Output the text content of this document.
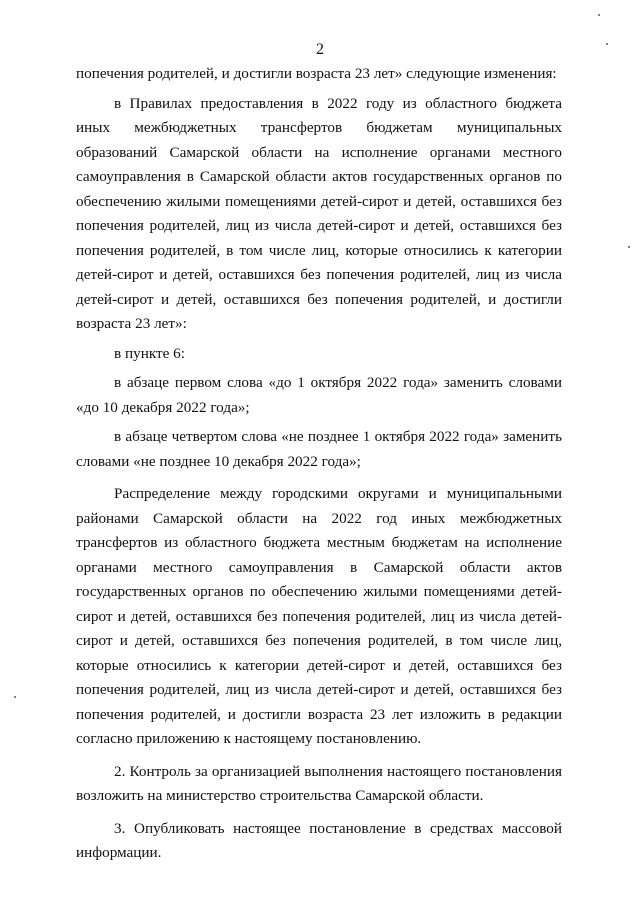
2

попечения родителей, и достигли возраста 23 лет» следующие изменения:

в Правилах предоставления в 2022 году из областного бюджета иных межбюджетных трансфертов бюджетам муниципальных образований Самарской области на исполнение органами местного самоуправления в Самарской области актов государственных органов по обеспечению жилыми помещениями детей-сирот и детей, оставшихся без попечения родителей, лиц из числа детей-сирот и детей, оставшихся без попечения родителей, в том числе лиц, которые относились к категории детей-сирот и детей, оставшихся без попечения родителей, лиц из числа детей-сирот и детей, оставшихся без попечения родителей, и достигли возраста 23 лет»:

в пункте 6:

в абзаце первом слова «до 1 октября 2022 года» заменить словами «до 10 декабря 2022 года»;

в абзаце четвертом слова «не позднее 1 октября 2022 года» заменить словами «не позднее 10 декабря 2022 года»;

Распределение между городскими округами и муниципальными районами Самарской области на 2022 год иных межбюджетных трансфертов из областного бюджета местным бюджетам на исполнение органами местного самоуправления в Самарской области актов государственных органов по обеспечению жилыми помещениями детей-сирот и детей, оставшихся без попечения родителей, лиц из числа детей-сирот и детей, оставшихся без попечения родителей, в том числе лиц, которые относились к категории детей-сирот и детей, оставшихся без попечения родителей, лиц из числа детей-сирот и детей, оставшихся без попечения родителей, и достигли возраста 23 лет изложить в редакции согласно приложению к настоящему постановлению.

2. Контроль за организацией выполнения настоящего постановления возложить на министерство строительства Самарской области.

3. Опубликовать настоящее постановление в средствах массовой информации.
